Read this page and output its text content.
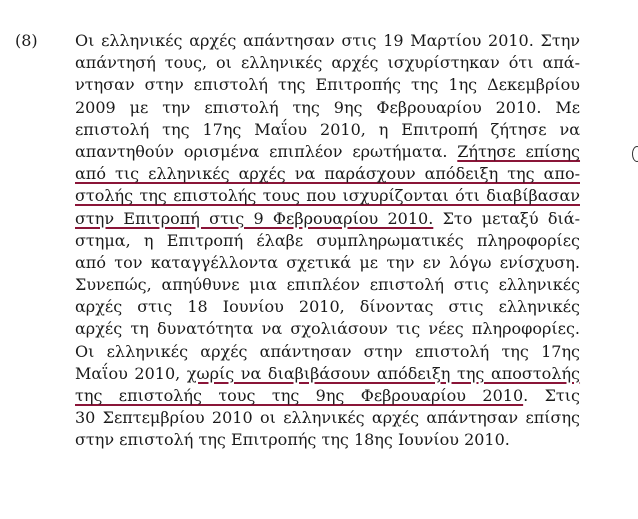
(8) Οι ελληνικές αρχές απάντησαν στις 19 Μαρτίου 2010. Στην
απάντησή τους, οι ελληνικές αρχές ισχυρίστηκαν ότι απά-
ντησαν στην επιστολή της Επιτροπής της 1ης Δεκεμβρίου
2009 με την επιστολή της 9ης Φεβρουαρίου 2010. Με
επιστολή της 17ης Μαΐου 2010, η Επιτροπή ζήτησε να
απαντηθούν ορισμένα επιπλέον ερωτήματα. Ζήτησε επίσης
από τις ελληνικές αρχές να παράσχουν απόδειξη της απο-
στολής της επιστολής τους που ισχυρίζονται ότι διαβίβασαν
στην Επιτροπή στις 9 Φεβρουαρίου 2010. Στο μεταξύ διά-
στημα, η Επιτροπή έλαβε συμπληρωματικές πληροφορίες
από τον καταγγέλλοντα σχετικά με την εν λόγω ενίσχυση.
Συνεπώς, απηύθυνε μια επιπλέον επιστολή στις ελληνικές
αρχές στις 18 Ιουνίου 2010, δίνοντας στις ελληνικές
αρχές τη δυνατότητα να σχολιάσουν τις νέες πληροφορίες.
Οι ελληνικές αρχές απάντησαν στην επιστολή της 17ης
Μαΐου 2010, χωρίς να διαβιβάσουν απόδειξη της αποστολής
της επιστολής τους της 9ης Φεβρουαρίου 2010. Στις
30 Σεπτεμβρίου 2010 οι ελληνικές αρχές απάντησαν επίσης
στην επιστολή της Επιτροπής της 18ης Ιουνίου 2010.
